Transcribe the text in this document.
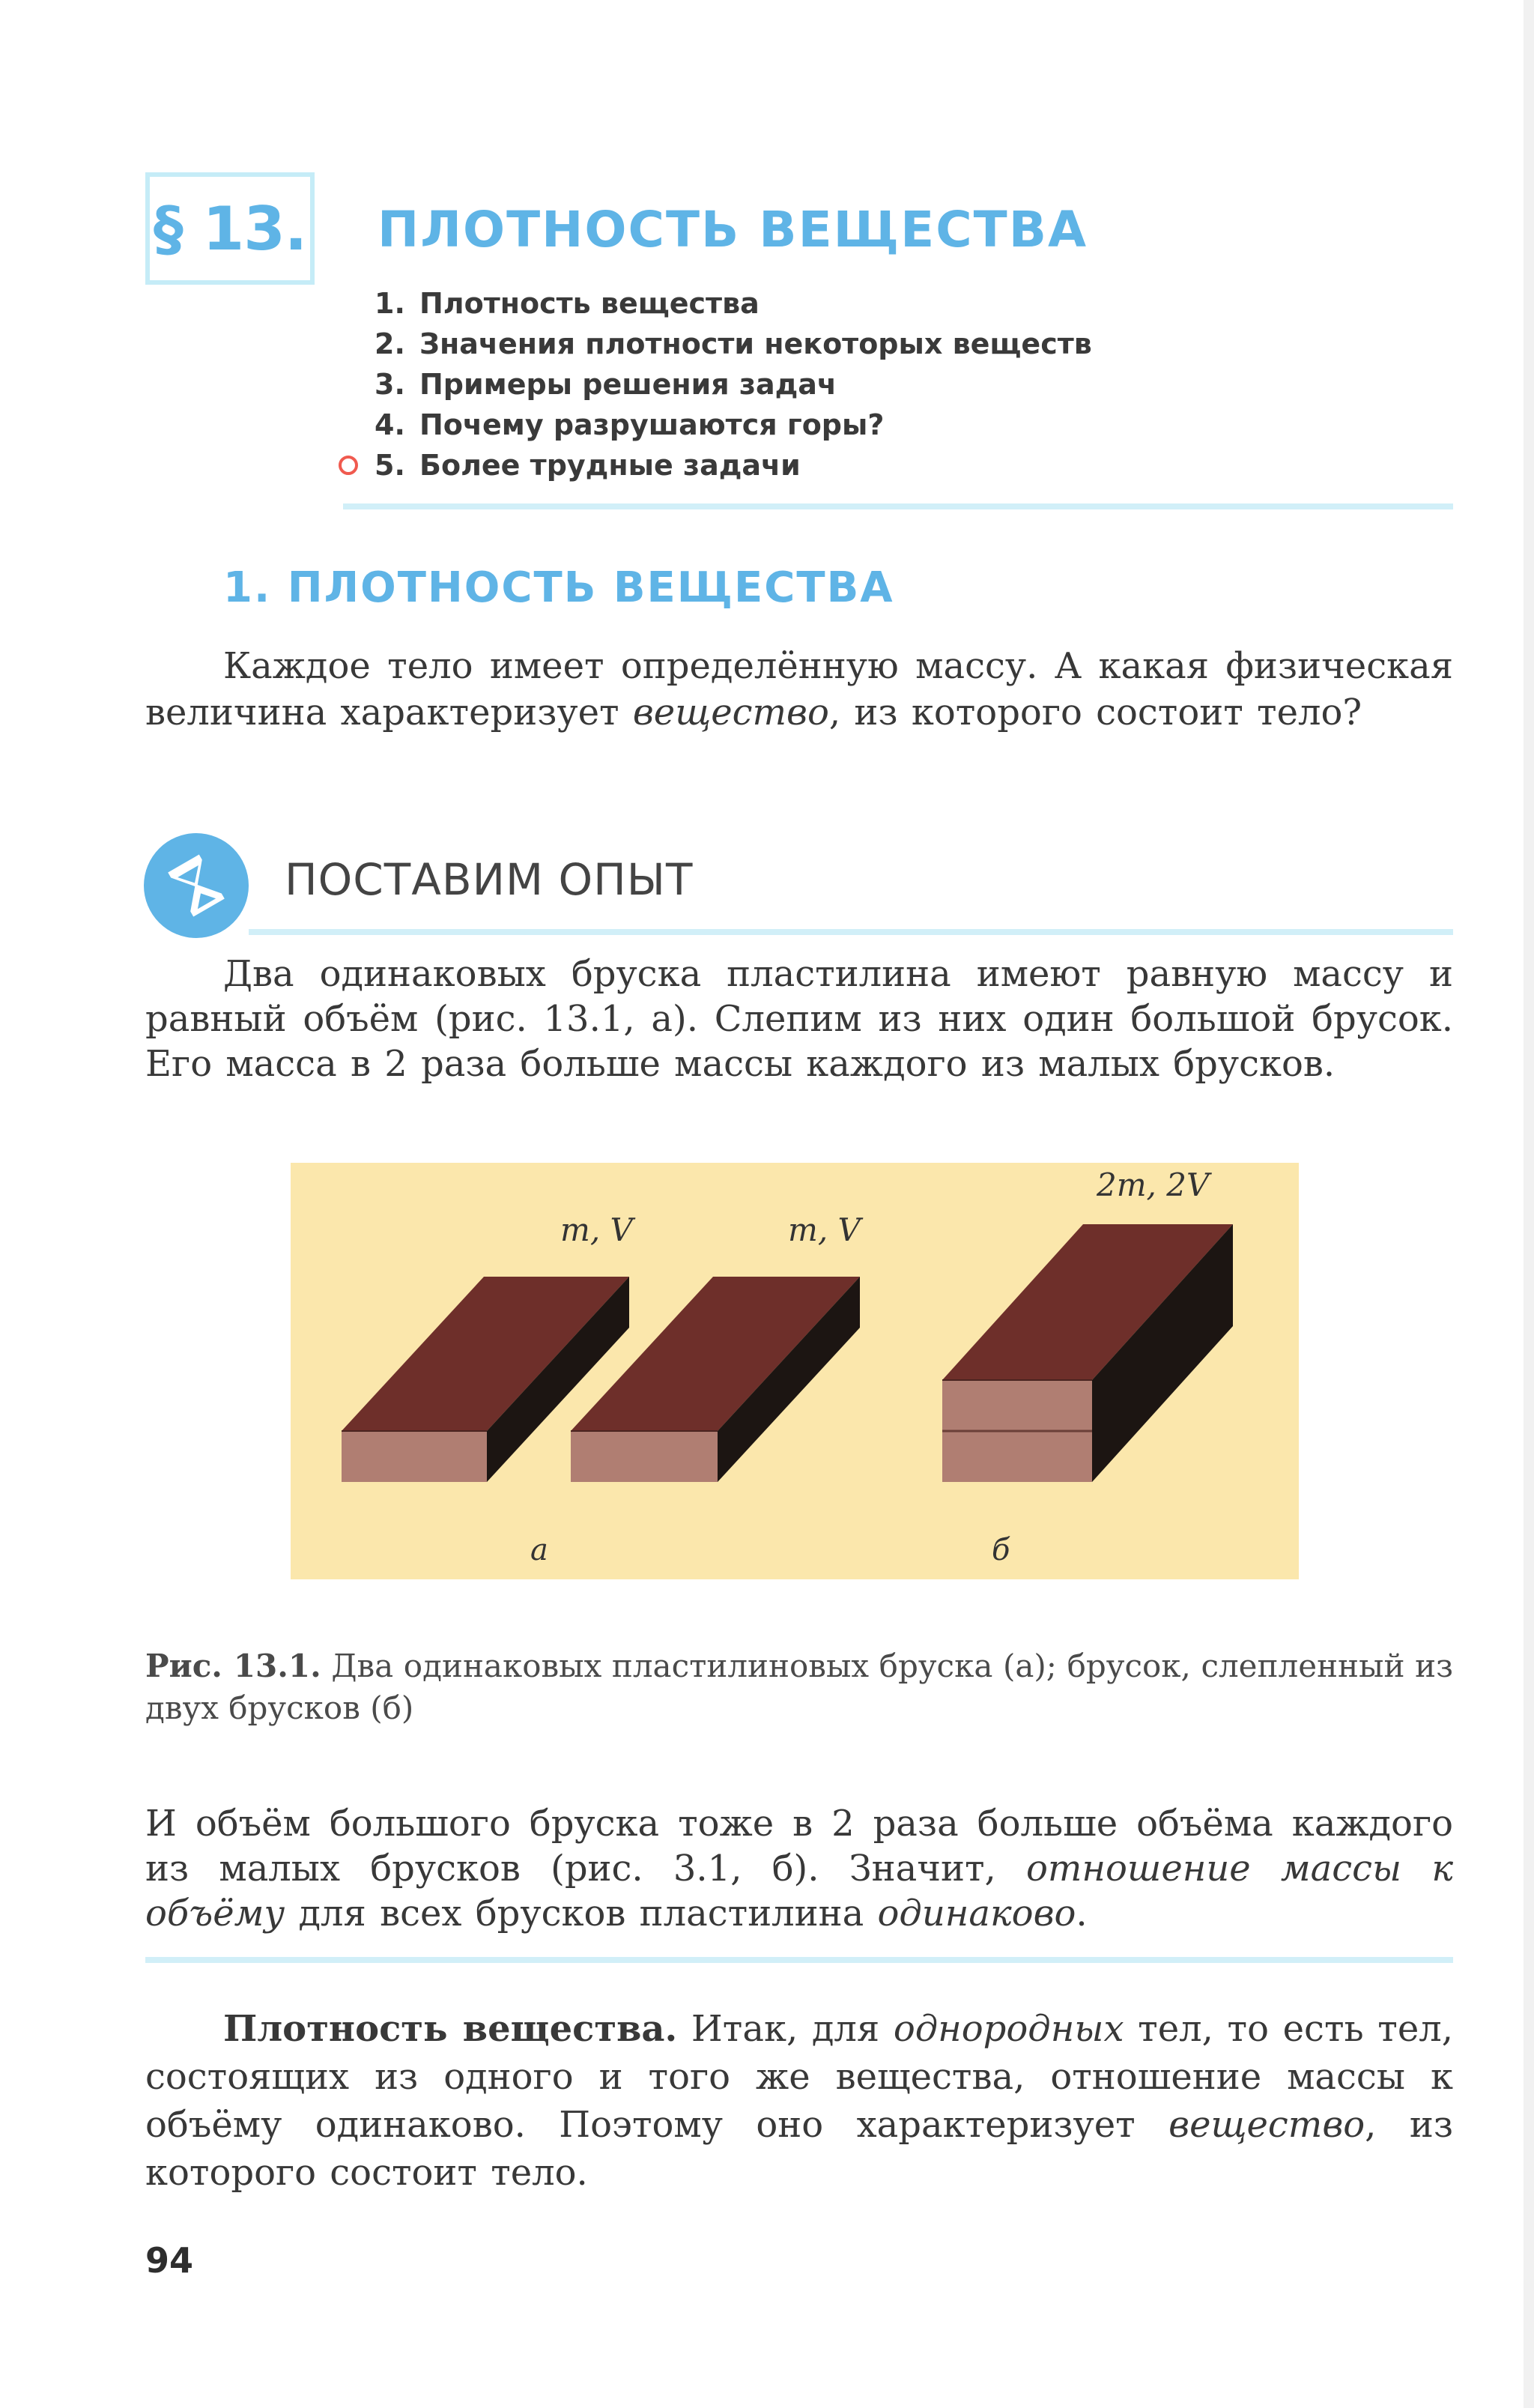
§ 13. ПЛОТНОСТЬ ВЕЩЕСТВА
1. Плотность вещества
2. Значения плотности некоторых веществ
3. Примеры решения задач
4. Почему разрушаются горы?
5. Более трудные задачи
1. ПЛОТНОСТЬ ВЕЩЕСТВА

Каждое тело имеет определённую массу. А какая физическая величина характеризует вещество, из которого состоит тело?

ПОСТАВИМ ОПЫТ

Два одинаковых бруска пластилина имеют равную массу и равный объём (рис. 13.1, а). Слепим из них один большой брусок. Его масса в 2 раза больше массы каждого из малых брусков.

m, V	m, V
2m, 2V
а	б

Рис. 13.1. Два одинаковых пластилиновых бруска (а); брусок, слепленный из двух брусков (б)

И объём большого бруска тоже в 2 раза больше объёма каждого из малых брусков (рис. 3.1, б). Значит, отношение массы к объёму для всех брусков пластилина одинаково.

Плотность вещества. Итак, для однородных тел, то есть тел, состоящих из одного и того же вещества, отношение массы к объёму одинаково. Поэтому оно характеризует вещество, из которого состоит тело.

94
